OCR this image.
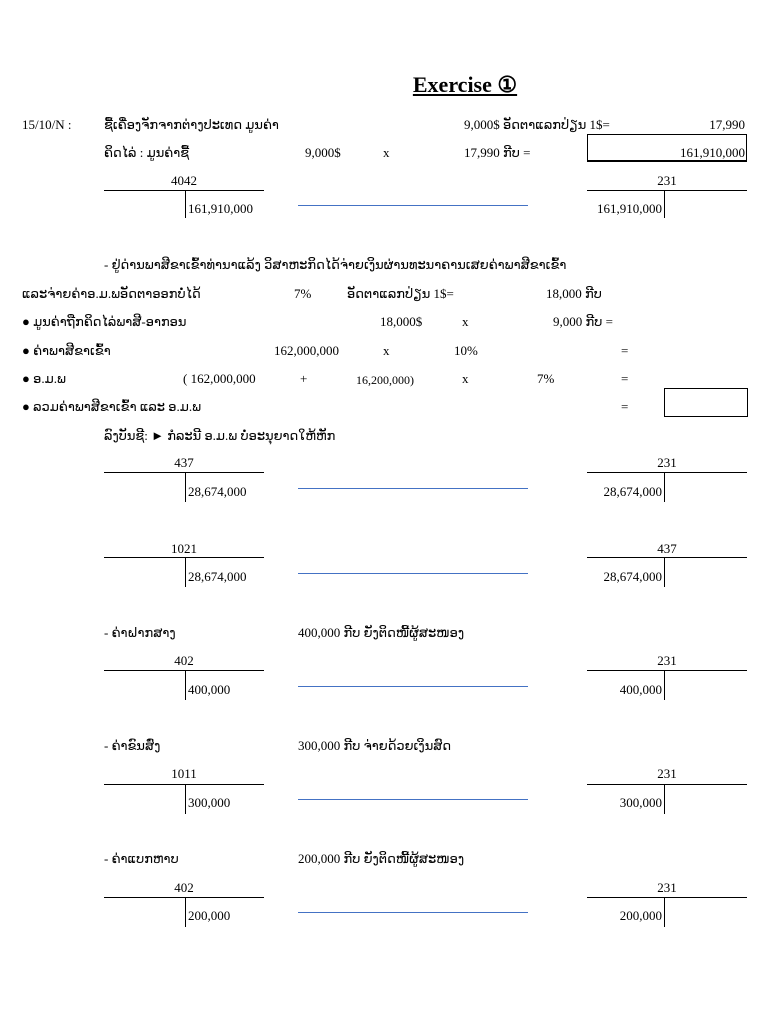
Exercise ①
15/10/N :	ຊື້ເຄື່ອງຈັກຈາກຕ່າງປະເທດ ມູນຄ່າ	9,000$ ອັດຕາແລກປ່ຽນ 1$=	17,990
ຄິດໄລ່ : ມູນຄ່າຊື້	9,000$	x	17,990 ກີບ =	161,910,000
4042
161,910,000
231
161,910,000
- ຢູ່ດ່ານພາສີຂາເຂົ້າທ່ານາແລ້ງ ວິສາຫະກິດໄດ້ຈ່າຍເງິນຜ່ານທະນາຄານເສຍຄ່າພາສີຂາເຂົ້າ
ແລະຈ່າຍຄ່າອ.ມ.ພອັດຕາອອກບໍ່ໄດ້	7%	ອັດຕາແລກປ່ຽນ 1$=	18,000 ກີບ
● ມູນຄ່າຖືກຄິດໄລ່ພາສີ-ອາກອນ	18,000$	x	9,000 ກີບ =
● ຄ່າພາສີຂາເຂົ້າ	162,000,000	x	10%	=
● ອ.ມ.ພ	( 162,000,000	+	16,200,000)	x	7%	=
● ລວມຄ່າພາສີຂາເຂົ້າ ແລະ ອ.ມ.ພ	=
ລົງບັນຊີ: ► ກໍລະນີ ອ.ມ.ພ ບໍ່ອະນຸຍາດໃຫ້ຫັກ
437
28,674,000
231
28,674,000
1021
28,674,000
437
28,674,000
- ຄ່າຝາກສາງ	400,000 ກີບ ຍັງຕິດໜີ້ຜູ້ສະໜອງ
402
400,000
231
400,000
- ຄ່າຂົນສົ່ງ	300,000 ກີບ ຈ່າຍດ້ວຍເງິນສົດ
1011
300,000
231
300,000
- ຄ່າແບກຫາບ	200,000 ກີບ ຍັງຕິດໜີ້ຜູ້ສະໜອງ
402
200,000
231
200,000
